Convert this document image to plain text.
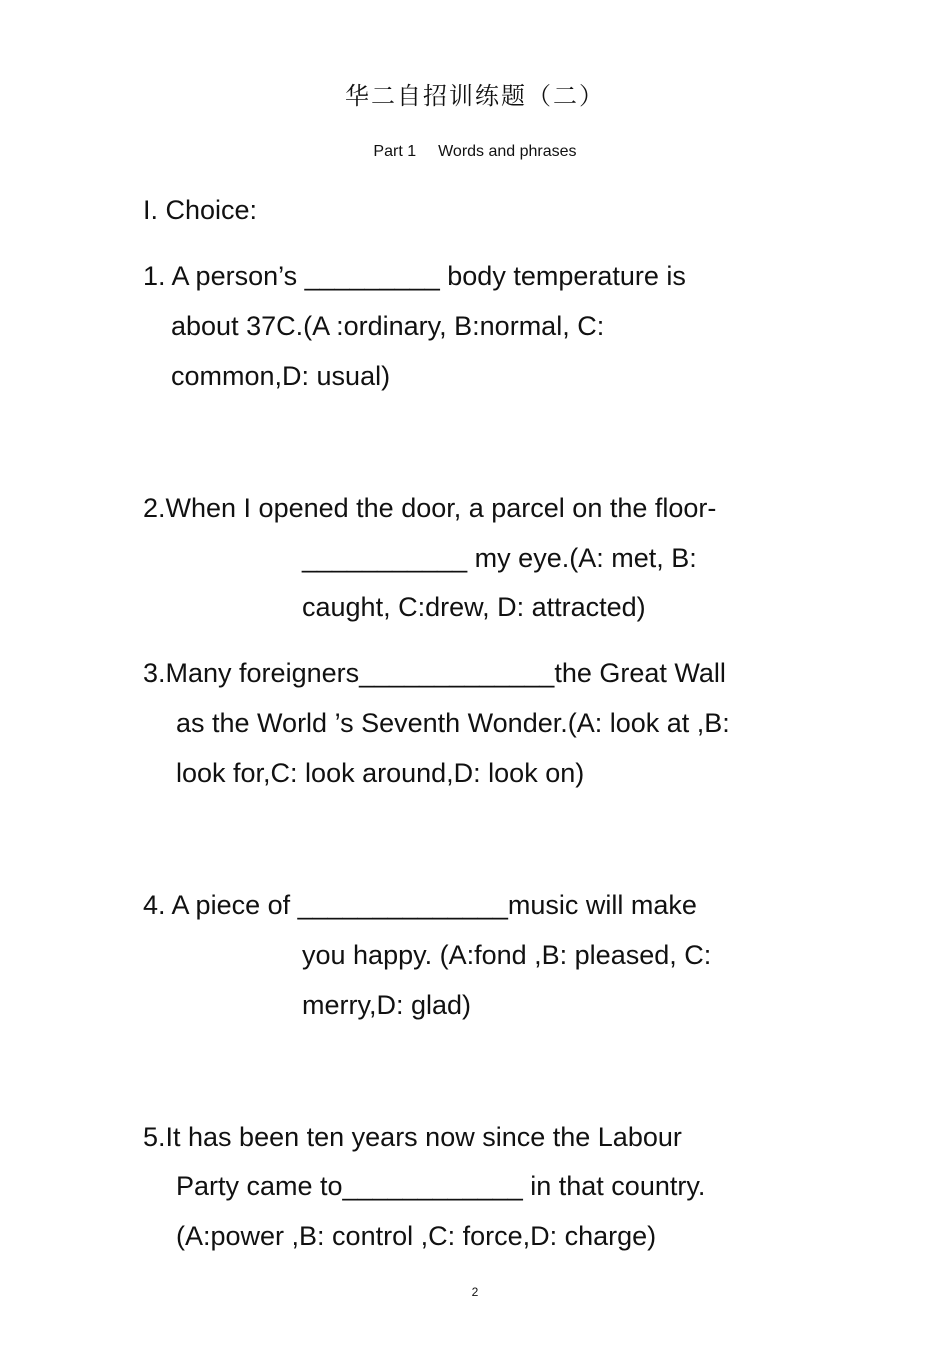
华二自招训练题（二）
Part 1 Words and phrases
I. Choice:
1. A person’s _________ body temperature is
about 37C.(A :ordinary, B:normal, C:
common,D: usual)
2.When I opened the door, a parcel on the floor-
___________ my eye.(A: met, B:
caught, C:drew, D: attracted)
3.Many foreigners_____________the Great Wall
as the World ’s Seventh Wonder.(A: look at ,B:
look for,C: look around,D: look on)
4. A piece of ______________music will make
you happy. (A:fond ,B: pleased, C:
merry,D: glad)
5.It has been ten years now since the Labour
Party came to____________ in that country.
(A:power ,B: control ,C: force,D: charge)
2
